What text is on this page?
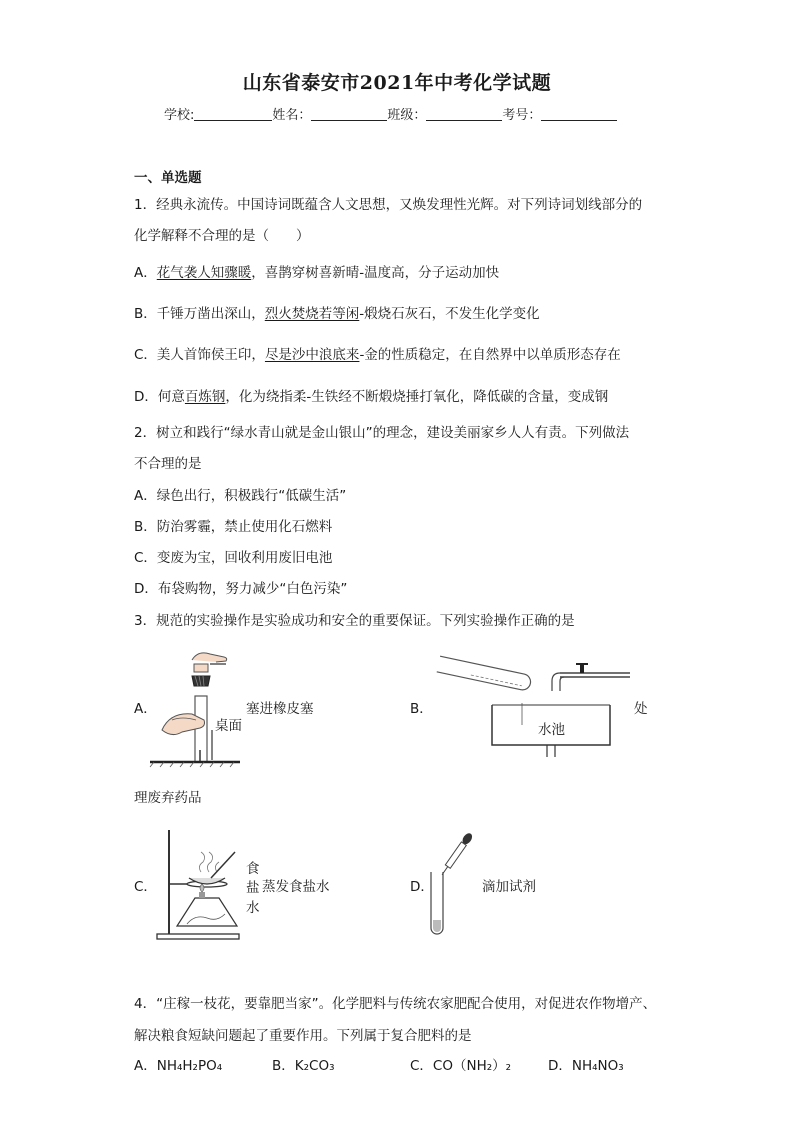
山东省泰安市2021年中考化学试题
学校:	姓名：	班级：	考号：
一、单选题
1．经典永流传。中国诗词既蕴含人文思想，又焕发理性光辉。对下列诗词划线部分的
化学解释不合理的是（　　）
A．花气袭人知骤暖，喜鹊穿树喜新晴-温度高，分子运动加快
B．千锤万凿出深山，烈火焚烧若等闲-煅烧石灰石，不发生化学变化
C．美人首饰侯王印，尽是沙中浪底来-金的性质稳定，在自然界中以单质形态存在
D．何意百炼钢，化为绕指柔-生铁经不断煅烧捶打氧化，降低碳的含量，变成钢
2．树立和践行“绿水青山就是金山银山”的理念，建设美丽家乡人人有责。下列做法
不合理的是
A．绿色出行，积极践行“低碳生活”
B．防治雾霾，禁止使用化石燃料
C．变废为宝，回收利用废旧电池
D．布袋购物，努力减少“白色污染”
3．规范的实验操作是实验成功和安全的重要保证。下列实验操作正确的是
A．	塞进橡皮塞
桌面
B．
水池
处
理废弃药品
C．
食
盐
水
蒸发食盐水	D．	滴加试剂
4．“庄稼一枝花，要靠肥当家”。化学肥料与传统农家肥配合使用，对促进农作物增产、
解决粮食短缺问题起了重要作用。下列属于复合肥料的是
A．NH₄H₂PO₄	B．K₂CO₃	C．CO（NH₂）₂	D．NH₄NO₃
